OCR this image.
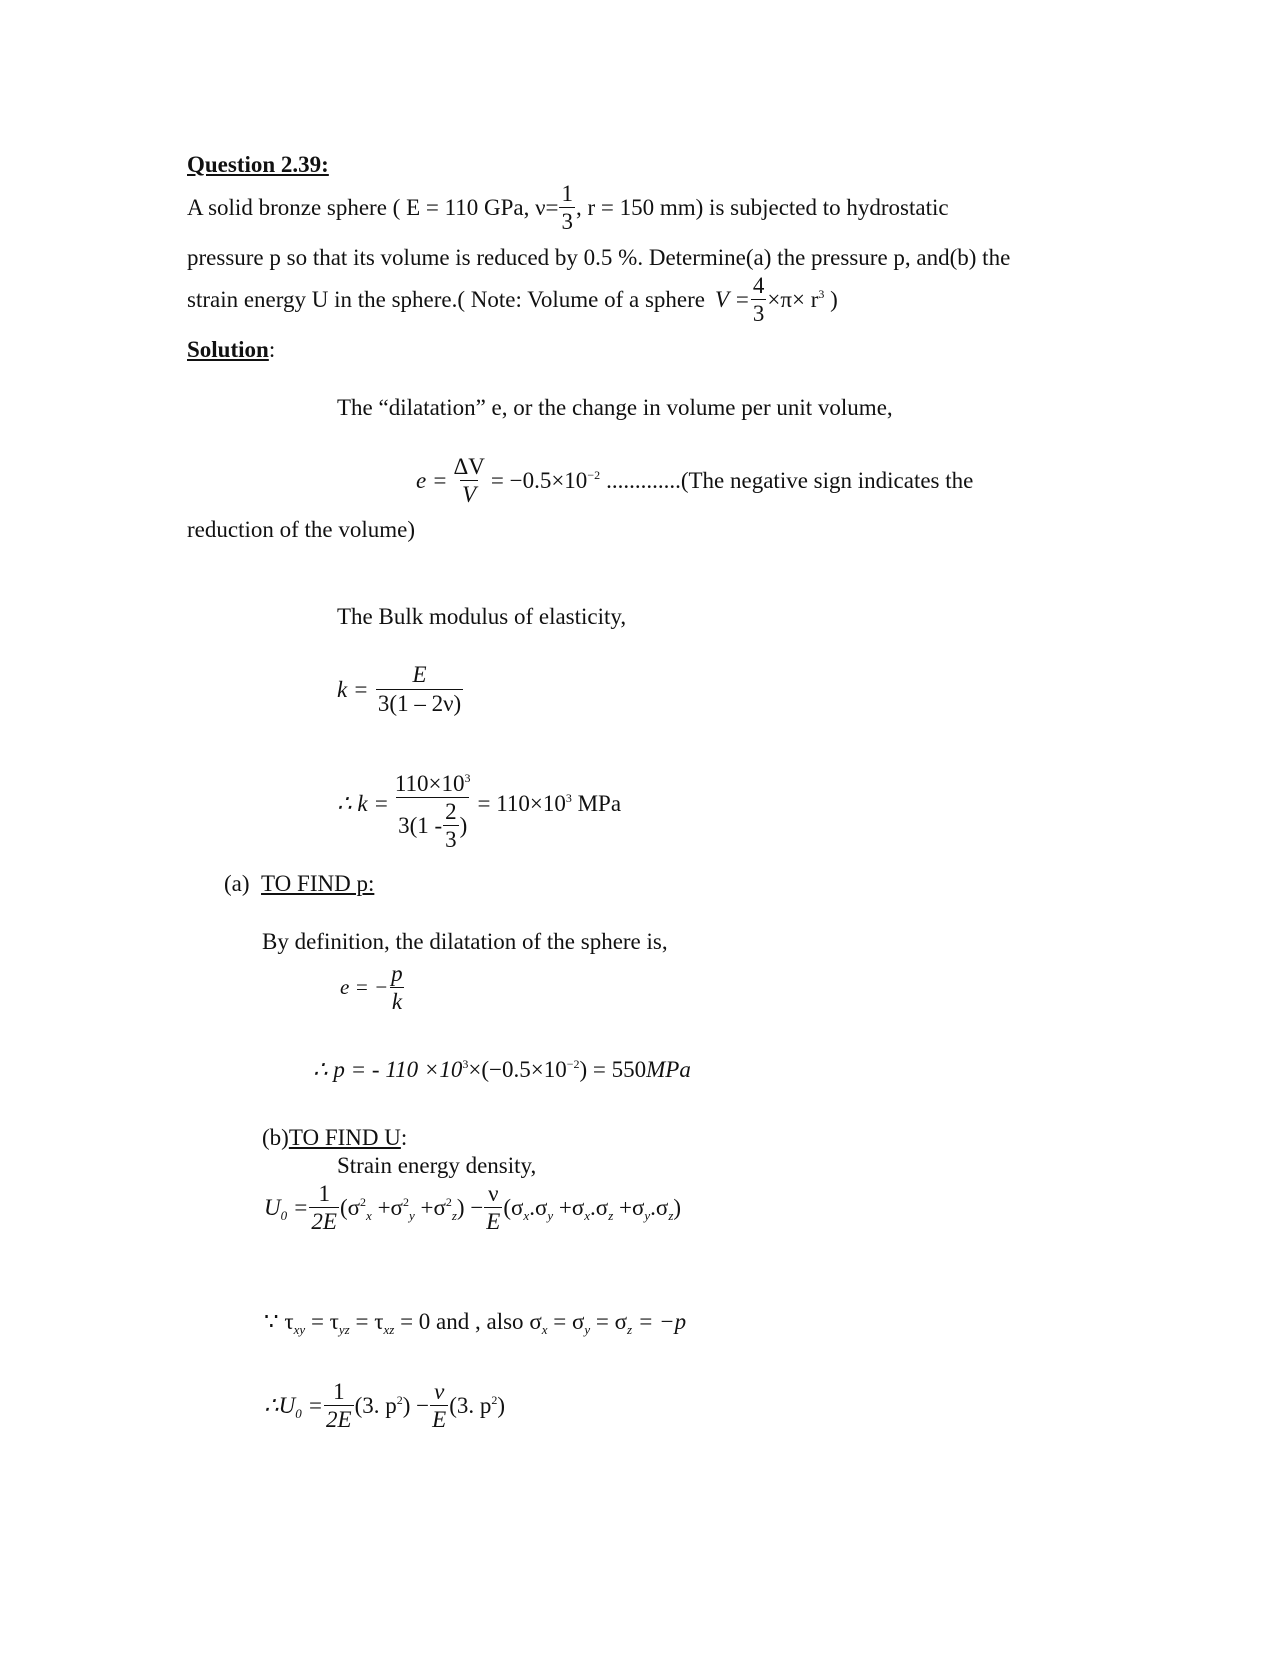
Question 2.39:
A solid bronze sphere ( E = 110 GPa, $\nu= \frac{1}{3}$ , r = 150 mm) is subjected to hydrostatic
pressure p so that its volume is reduced by 0.5 %. Determine(a) the pressure p, and(b) the
strain energy U in the sphere.( Note: Volume of a sphere $V = \frac{4}{3} \times\pi\times r^3$ )
Solution:
The “dilatation” e, or the change in volume per unit volume,
$e = \frac{\Delta V}{V} = -0.5\times 10^{-2}$ .............(The negative sign indicates the
reduction of the volume)
The Bulk modulus of elasticity,
$k = \frac{E}{3(1 - 2\nu)}$
∴ $k = \frac{110\times 10^3}{3(1 - \frac{2}{3} )} = 110\times 10^3$ MPa
(a) TO FIND p:
By definition, the dilatation of the sphere is,
e = − $\frac{p}{k}$
∴ p = - $110 \times 10^3\times(-0.5\times 10^{-2}) = 550MPa$
(b)TO FIND U:
Strain energy density,
$U_0 = \frac{1}{2E} (\sigma^2_x +\sigma^2_y +\sigma^2_z) - \frac{\nu}{E} (\sigma_x.\sigma_y +\sigma_x.\sigma_z +\sigma_y.\sigma_z)$
∵ $\tau_{xy} = \tau_{yz} = \tau_{xz} = 0$ and , also $\sigma_x = \sigma_y = \sigma_z = -p$
$\therefore U_0 = \frac{1}{2E} (3$. $p^2) - \frac{\nu}{E} (3$. $p^2$)
